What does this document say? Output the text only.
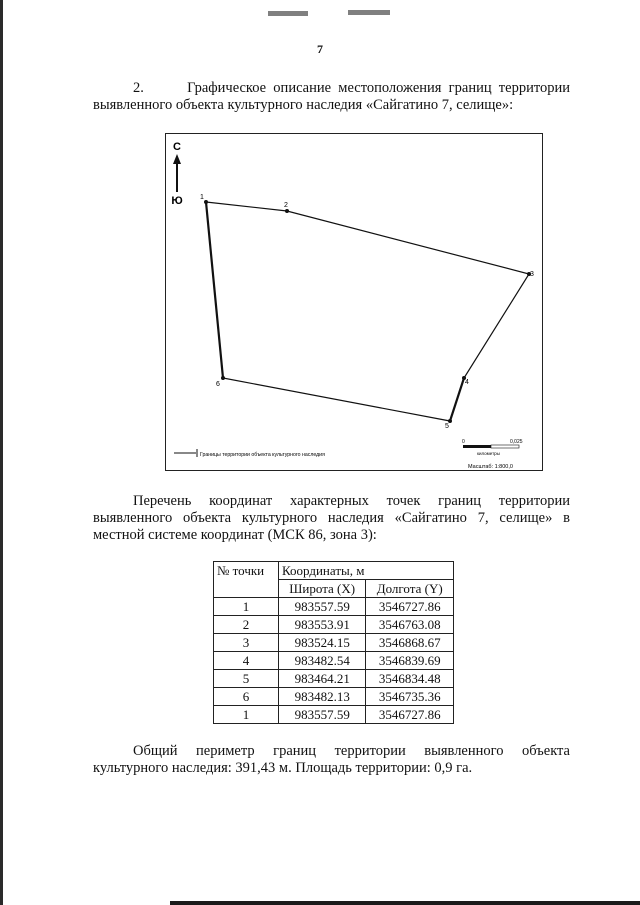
7
2.	Графическое описание местоположения границ территории
выявленного объекта культурного наследия «Сайгатино 7, селище»:
С
Ю 1
2
3
4
5
6
Границы территории объекта культурного наследия
0	0,025
километры
Масштаб: 1:800,0
Перечень координат характерных точек границ территории
выявленного объекта культурного наследия «Сайгатино 7, селище» в
местной системе координат (МСК 86, зона 3):
№ точки	Координаты, м	
	Широта (X)	Долгота (Y)
1	983557.59	3546727.86
2	983553.91	3546763.08
3	983524.15	3546868.67
4	983482.54	3546839.69
5	983464.21	3546834.48
6	983482.13	3546735.36
1	983557.59	3546727.86
Общий периметр границ территории выявленного объекта
культурного наследия: 391,43 м. Площадь территории: 0,9 га.
